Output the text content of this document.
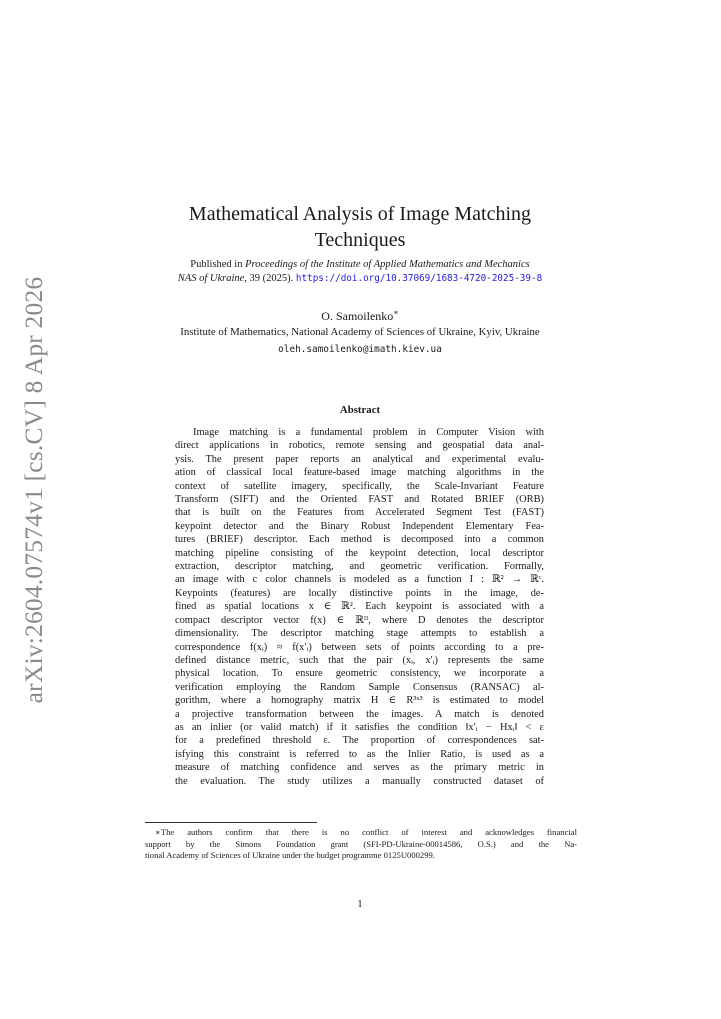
arXiv:2604.07574v1 [cs.CV] 8 Apr 2026
Mathematical Analysis of Image Matching
Techniques
Published in Proceedings of the Institute of Applied Mathematics and Mechanics
NAS of Ukraine, 39 (2025). https://doi.org/10.37069/1683-4720-2025-39-8
O. Samoilenko∗
Institute of Mathematics, National Academy of Sciences of Ukraine, Kyiv, Ukraine
oleh.samoilenko@imath.kiev.ua
Abstract
Image matching is a fundamental problem in Computer Vision with
direct applications in robotics, remote sensing and geospatial data anal-
ysis. The present paper reports an analytical and experimental evalu-
ation of classical local feature-based image matching algorithms in the
context of satellite imagery, specifically, the Scale-Invariant Feature
Transform (SIFT) and the Oriented FAST and Rotated BRIEF (ORB)
that is built on the Features from Accelerated Segment Test (FAST)
keypoint detector and the Binary Robust Independent Elementary Fea-
tures (BRIEF) descriptor. Each method is decomposed into a common
matching pipeline consisting of the keypoint detection, local descriptor
extraction, descriptor matching, and geometric verification. Formally,
an image with c color channels is modeled as a function I : ℝ² → ℝᶜ.
Keypoints (features) are locally distinctive points in the image, de-
fined as spatial locations x ∈ ℝ². Each keypoint is associated with a
compact descriptor vector f(x) ∈ ℝᴰ, where D denotes the descriptor
dimensionality. The descriptor matching stage attempts to establish a
correspondence f(xᵢ) ≈ f(x′ᵢ) between sets of points according to a pre-
defined distance metric, such that the pair (xᵢ, x′ᵢ) represents the same
physical location. To ensure geometric consistency, we incorporate a
verification employing the Random Sample Consensus (RANSAC) al-
gorithm, where a homography matrix H ∈ R³ˣ³ is estimated to model
a projective transformation between the images. A match is denoted
as an inlier (or valid match) if it satisfies the condition ‖x′ᵢ − Hxᵢ‖ < ε
for a predefined threshold ε. The proportion of correspondences sat-
isfying this constraint is referred to as the Inlier Ratio, is used as a
measure of matching confidence and serves as the primary metric in
the evaluation. The study utilizes a manually constructed dataset of
∗The authors confirm that there is no conflict of interest and acknowledges financial
support by the Simons Foundation grant (SFI-PD-Ukraine-00014586, O.S.) and the Na-
tional Academy of Sciences of Ukraine under the budget programme 0125U000299.
1
